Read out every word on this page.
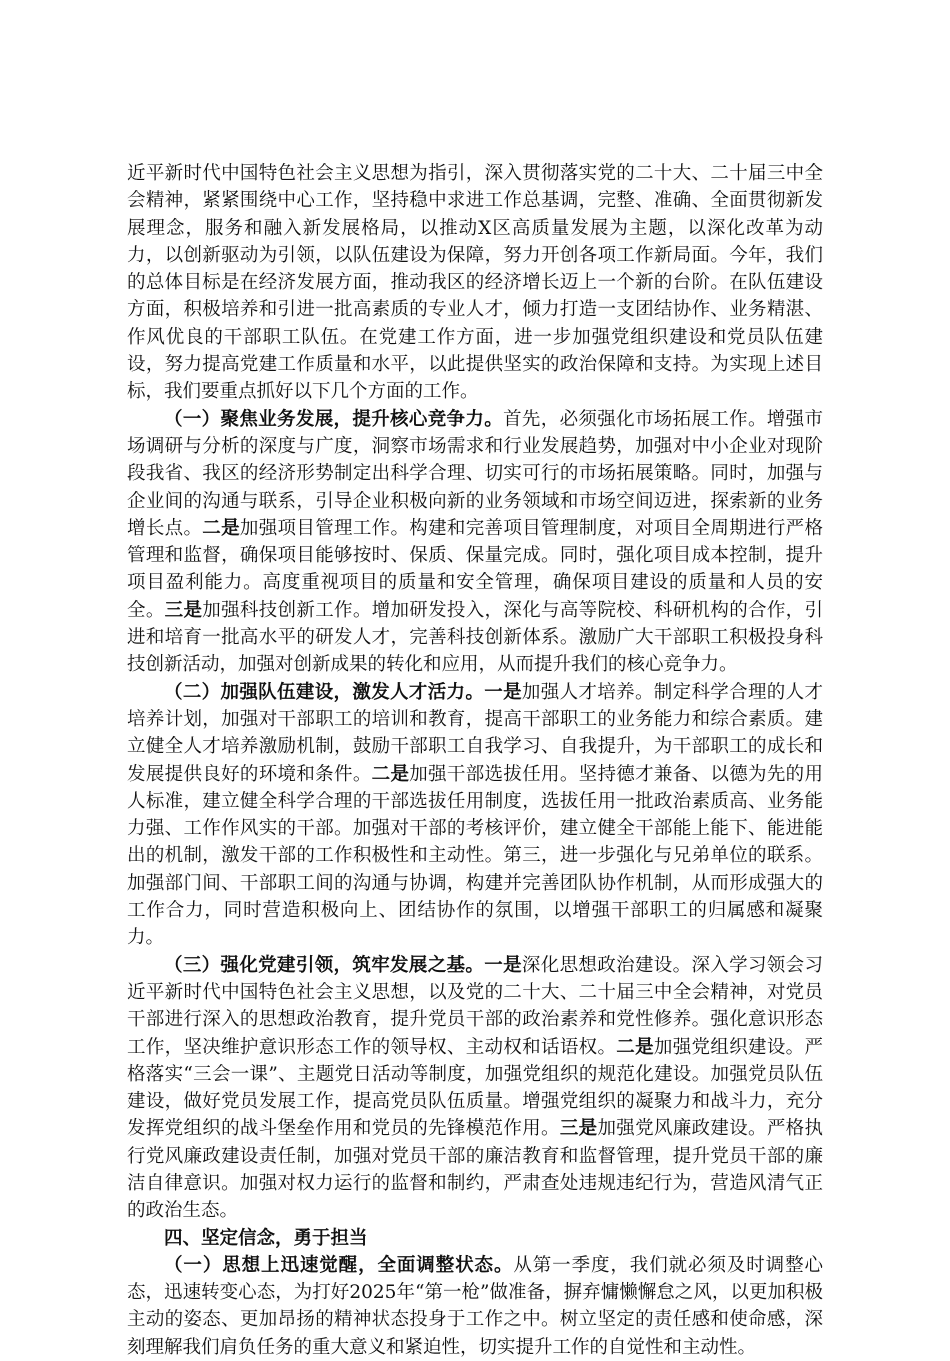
近平新时代中国特色社会主义思想为指引，深入贯彻落实党的二十大、二十届三中全会精神，紧紧围绕中心工作，坚持稳中求进工作总基调，完整、准确、全面贯彻新发展理念，服务和融入新发展格局，以推动X区高质量发展为主题，以深化改革为动力，以创新驱动为引领，以队伍建设为保障，努力开创各项工作新局面。今年，我们的总体目标是在经济发展方面，推动我区的经济增长迈上一个新的台阶。在队伍建设方面，积极培养和引进一批高素质的专业人才，倾力打造一支团结协作、业务精湛、作风优良的干部职工队伍。在党建工作方面，进一步加强党组织建设和党员队伍建设，努力提高党建工作质量和水平，以此提供坚实的政治保障和支持。为实现上述目标，我们要重点抓好以下几个方面的工作。

（一）聚焦业务发展，提升核心竞争力。首先，必须强化市场拓展工作。增强市场调研与分析的深度与广度，洞察市场需求和行业发展趋势，加强对中小企业对现阶段我省、我区的经济形势制定出科学合理、切实可行的市场拓展策略。同时，加强与企业间的沟通与联系，引导企业积极向新的业务领域和市场空间迈进，探索新的业务增长点。二是加强项目管理工作。构建和完善项目管理制度，对项目全周期进行严格管理和监督，确保项目能够按时、保质、保量完成。同时，强化项目成本控制，提升项目盈利能力。高度重视项目的质量和安全管理，确保项目建设的质量和人员的安全。三是加强科技创新工作。增加研发投入，深化与高等院校、科研机构的合作，引进和培育一批高水平的研发人才，完善科技创新体系。激励广大干部职工积极投身科技创新活动，加强对创新成果的转化和应用，从而提升我们的核心竞争力。

（二）加强队伍建设，激发人才活力。一是加强人才培养。制定科学合理的人才培养计划，加强对干部职工的培训和教育，提高干部职工的业务能力和综合素质。建立健全人才培养激励机制，鼓励干部职工自我学习、自我提升，为干部职工的成长和发展提供良好的环境和条件。二是加强干部选拔任用。坚持德才兼备、以德为先的用人标准，建立健全科学合理的干部选拔任用制度，选拔任用一批政治素质高、业务能力强、工作作风实的干部。加强对干部的考核评价，建立健全干部能上能下、能进能出的机制，激发干部的工作积极性和主动性。第三，进一步强化与兄弟单位的联系。加强部门间、干部职工间的沟通与协调，构建并完善团队协作机制，从而形成强大的工作合力，同时营造积极向上、团结协作的氛围，以增强干部职工的归属感和凝聚力。

（三）强化党建引领，筑牢发展之基。一是深化思想政治建设。深入学习领会习近平新时代中国特色社会主义思想，以及党的二十大、二十届三中全会精神，对党员干部进行深入的思想政治教育，提升党员干部的政治素养和党性修养。强化意识形态工作，坚决维护意识形态工作的领导权、主动权和话语权。二是加强党组织建设。严格落实“三会一课”、主题党日活动等制度，加强党组织的规范化建设。加强党员队伍建设，做好党员发展工作，提高党员队伍质量。增强党组织的凝聚力和战斗力，充分发挥党组织的战斗堡垒作用和党员的先锋模范作用。三是加强党风廉政建设。严格执行党风廉政建设责任制，加强对党员干部的廉洁教育和监督管理，提升党员干部的廉洁自律意识。加强对权力运行的监督和制约，严肃查处违规违纪行为，营造风清气正的政治生态。

四、坚定信念，勇于担当

（一）思想上迅速觉醒，全面调整状态。从第一季度，我们就必须及时调整心态，迅速转变心态，为打好2025年“第一枪”做准备，摒弃慵懒懈怠之风，以更加积极主动的姿态、更加昂扬的精神状态投身于工作之中。树立坚定的责任感和使命感，深刻理解我们肩负任务的重大意义和紧迫性，切实提升工作的自觉性和主动性。
